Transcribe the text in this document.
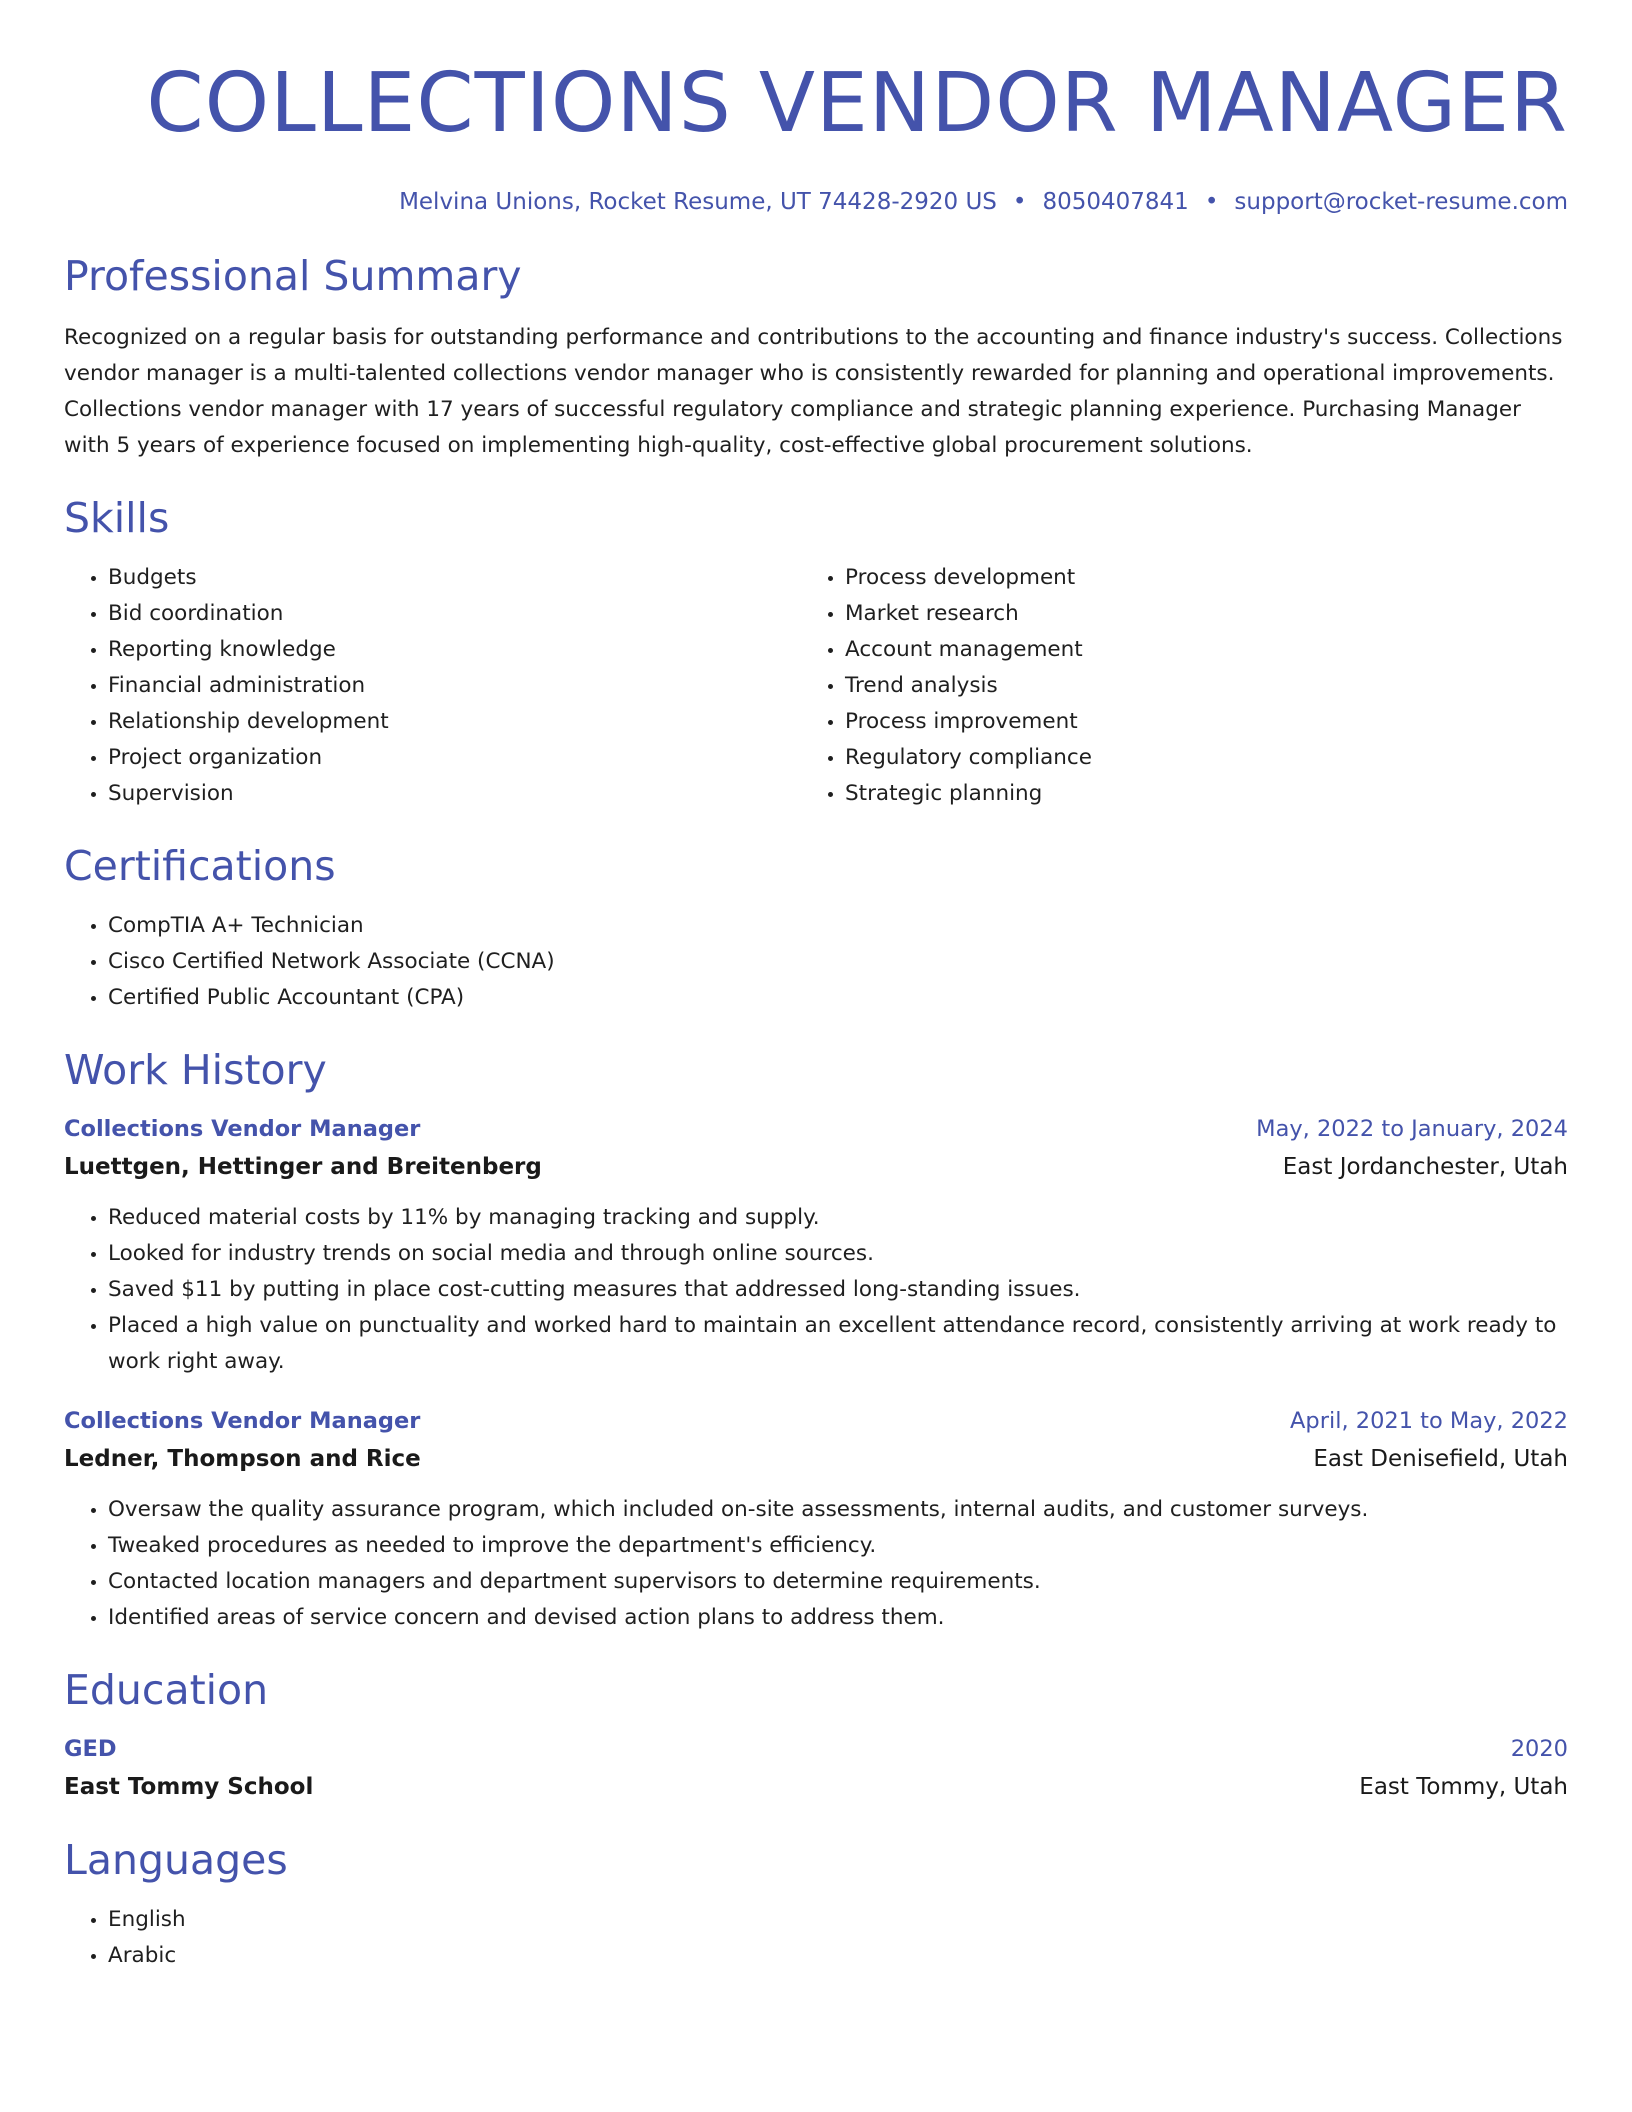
COLLECTIONS VENDOR MANAGER
Melvina Unions, Rocket Resume, UT 74428-2920 US • 8050407841 • support@rocket-resume.com
Professional Summary
Recognized on a regular basis for outstanding performance and contributions to the accounting and finance industry's success. Collections vendor manager is a multi-talented collections vendor manager who is consistently rewarded for planning and operational improvements. Collections vendor manager with 17 years of successful regulatory compliance and strategic planning experience. Purchasing Manager with 5 years of experience focused on implementing high-quality, cost-effective global procurement solutions.
Skills
• Budgets
• Bid coordination
• Reporting knowledge
• Financial administration
• Relationship development
• Project organization
• Supervision
• Process development
• Market research
• Account management
• Trend analysis
• Process improvement
• Regulatory compliance
• Strategic planning
Certifications
• CompTIA A+ Technician
• Cisco Certified Network Associate (CCNA)
• Certified Public Accountant (CPA)
Work History
Collections Vendor Manager	May, 2022 to January, 2024
Luettgen, Hettinger and Breitenberg	East Jordanchester, Utah
• Reduced material costs by 11% by managing tracking and supply.
• Looked for industry trends on social media and through online sources.
• Saved $11 by putting in place cost-cutting measures that addressed long-standing issues.
• Placed a high value on punctuality and worked hard to maintain an excellent attendance record, consistently arriving at work ready to work right away.
Collections Vendor Manager	April, 2021 to May, 2022
Ledner, Thompson and Rice	East Denisefield, Utah
• Oversaw the quality assurance program, which included on-site assessments, internal audits, and customer surveys.
• Tweaked procedures as needed to improve the department's efficiency.
• Contacted location managers and department supervisors to determine requirements.
• Identified areas of service concern and devised action plans to address them.
Education
GED	2020
East Tommy School	East Tommy, Utah
Languages
• English
• Arabic
